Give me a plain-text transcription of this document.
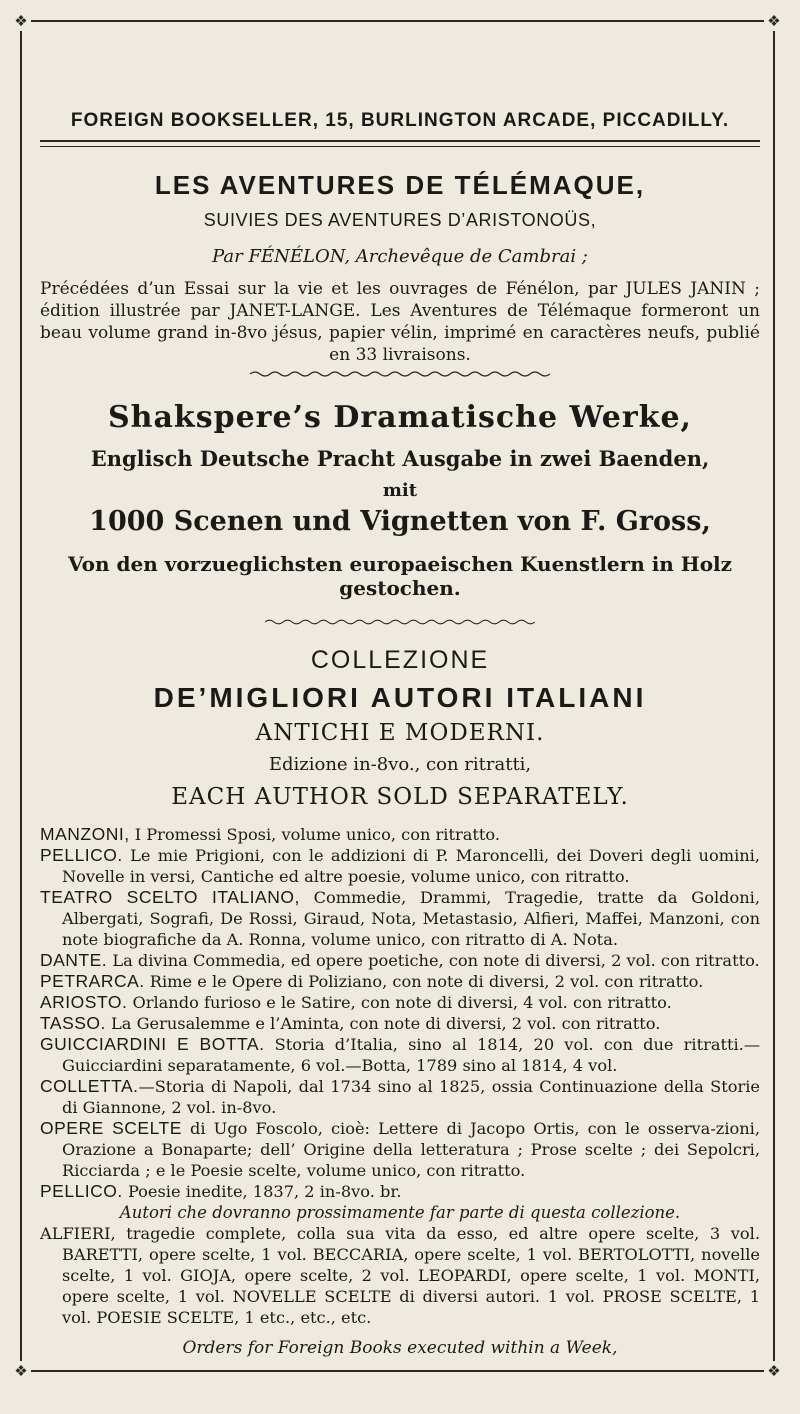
❖	❖
❖	❖
FOREIGN BOOKSELLER, 15, BURLINGTON ARCADE, PICCADILLY.
LES AVENTURES DE TÉLÉMAQUE,
SUIVIES DES AVENTURES D’ARISTONOÜS,
Par FÉNÉLON, Archevêque de Cambrai ;
Précédées d’un Essai sur la vie et les ouvrages de Fénélon, par JULES JANIN ; édition illustrée par JANET-LANGE. Les Aventures de Télémaque formeront un beau volume grand in-8vo jésus, papier vélin, imprimé en caractères neufs, publié en 33 livraisons.
Shakspere’s Dramatische Werke,
Englisch Deutsche Pracht Ausgabe in zwei Baenden,
mit
1000 Scenen und Vignetten von F. Gross,
Von den vorzueglichsten europaeischen Kuenstlern in Holz gestochen.
COLLEZIONE
DE’MIGLIORI AUTORI ITALIANI
ANTICHI E MODERNI.
Edizione in-8vo., con ritratti,
EACH AUTHOR SOLD SEPARATELY.

MANZONI, I Promessi Sposi, volume unico, con ritratto.

PELLICO. Le mie Prigioni, con le addizioni di P. Maroncelli, dei Doveri degli uomini, Novelle in versi, Cantiche ed altre poesie, volume unico, con ritratto.

TEATRO SCELTO ITALIANO, Commedie, Drammi, Tragedie, tratte da Goldoni, Albergati, Sografi, De Rossi, Giraud, Nota, Metastasio, Alfieri, Maffei, Manzoni, con note biografiche da A. Ronna, volume unico, con ritratto di A. Nota.

DANTE. La divina Commedia, ed opere poetiche, con note di diversi, 2 vol. con ritratto.

PETRARCA. Rime e le Opere di Poliziano, con note di diversi, 2 vol. con ritratto.

ARIOSTO. Orlando furioso e le Satire, con note di diversi, 4 vol. con ritratto.

TASSO. La Gerusalemme e l’Aminta, con note di diversi, 2 vol. con ritratto.

GUICCIARDINI E BOTTA. Storia d’Italia, sino al 1814, 20 vol. con due ritratti.—Guicciardini separatamente, 6 vol.—Botta, 1789 sino al 1814, 4 vol.

COLLETTA.—Storia di Napoli, dal 1734 sino al 1825, ossia Continuazione della Storie di Giannone, 2 vol. in-8vo.

OPERE SCELTE di Ugo Foscolo, cioè: Lettere di Jacopo Ortis, con le osserva-zioni, Orazione a Bonaparte; dell’ Origine della letteratura ; Prose scelte ; dei Sepolcri, Ricciarda ; e le Poesie scelte, volume unico, con ritratto.

PELLICO. Poesie inedite, 1837, 2 in-8vo. br.

Autori che dovranno prossimamente far parte di questa collezione.

ALFIERI, tragedie complete, colla sua vita da esso, ed altre opere scelte, 3 vol. BARETTI, opere scelte, 1 vol. BECCARIA, opere scelte, 1 vol. BERTOLOTTI, novelle scelte, 1 vol. GIOJA, opere scelte, 2 vol. LEOPARDI, opere scelte, 1 vol. MONTI, opere scelte, 1 vol. NOVELLE SCELTE di diversi autori. 1 vol. PROSE SCELTE, 1 vol. POESIE SCELTE, 1 etc., etc., etc.

Orders for Foreign Books executed within a Week,
